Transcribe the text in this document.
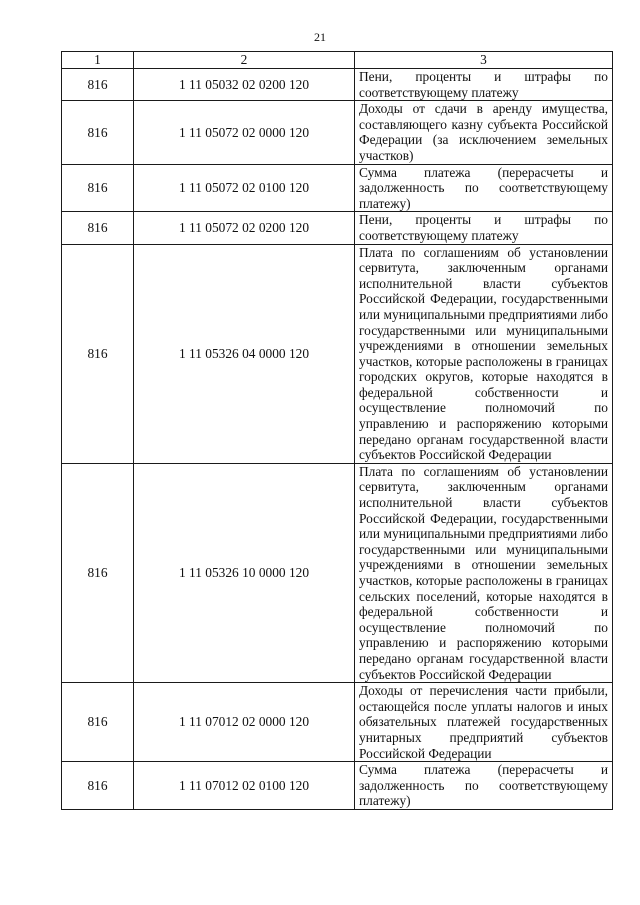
21
1	2	3
816	1 11 05032 02 0200 120	Пени, проценты и штрафы по соответствующему платежу
816	1 11 05072 02 0000 120	Доходы от сдачи в аренду имущества, составляющего казну субъекта Российской Федерации (за исключением земельных участков)
816	1 11 05072 02 0100 120	Сумма платежа (перерасчеты и задолженность по соответствующему платежу)
816	1 11 05072 02 0200 120	Пени, проценты и штрафы по соответствующему платежу
816	1 11 05326 04 0000 120	Плата по соглашениям об установлении сервитута, заключенным органами исполнительной власти субъектов Российской Федерации, государственными или муниципальными предприятиями либо государственными или муниципальными учреждениями в отношении земельных участков, которые расположены в границах городских округов, которые находятся в федеральной собственности и осуществление полномочий по управлению и распоряжению которыми передано органам государственной власти субъектов Российской Федерации
816	1 11 05326 10 0000 120	Плата по соглашениям об установлении сервитута, заключенным органами исполнительной власти субъектов Российской Федерации, государственными или муниципальными предприятиями либо государственными или муниципальными учреждениями в отношении земельных участков, которые расположены в границах сельских поселений, которые находятся в федеральной собственности и осуществление полномочий по управлению и распоряжению которыми передано органам государственной власти субъектов Российской Федерации
816	1 11 07012 02 0000 120	Доходы от перечисления части прибыли, остающейся после уплаты налогов и иных обязательных платежей государственных унитарных предприятий субъектов Российской Федерации
816	1 11 07012 02 0100 120	Сумма платежа (перерасчеты и задолженность по соответствующему платежу)
